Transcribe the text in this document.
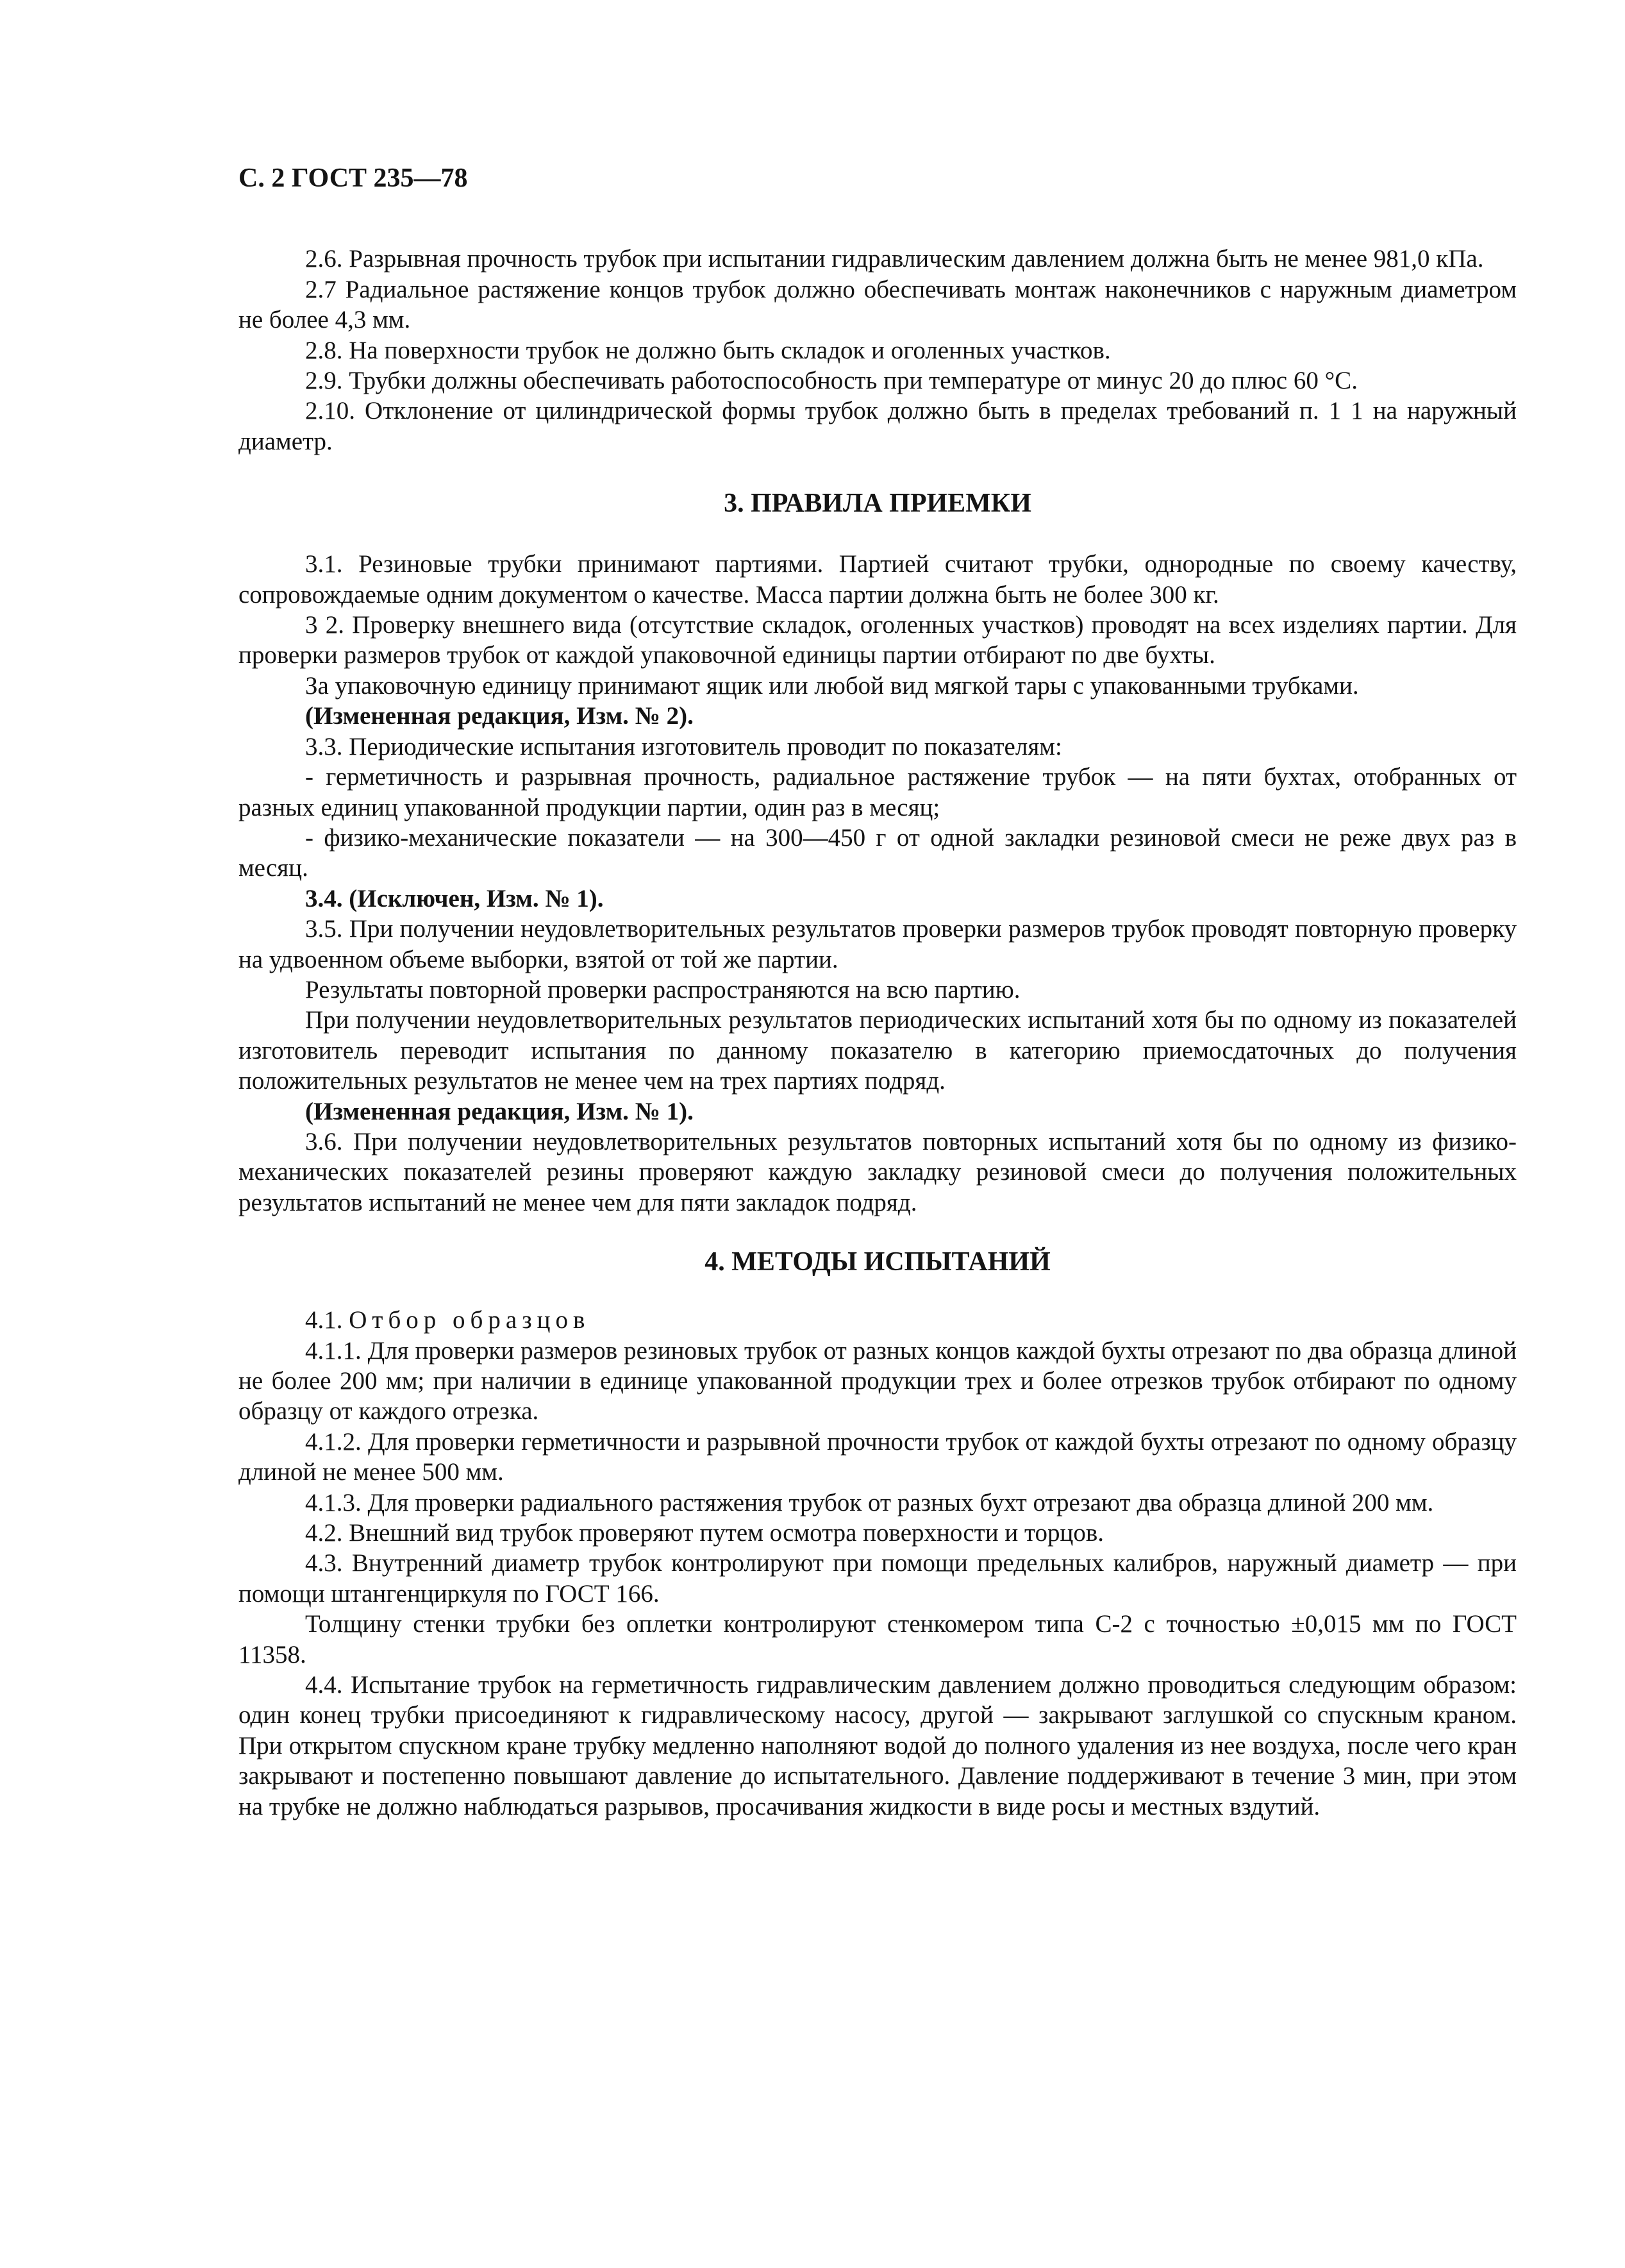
С. 2 ГОСТ 235—78

2.6. Разрывная прочность трубок при испытании гидравлическим давлением должна быть не менее 981,0 кПа.

2.7 Радиальное растяжение концов трубок должно обеспечивать монтаж наконечников с наружным диаметром не более 4,3 мм.

2.8. На поверхности трубок не должно быть складок и оголенных участков.

2.9. Трубки должны обеспечивать работоспособность при температуре от минус 20 до плюс 60 °С.

2.10. Отклонение от цилиндрической формы трубок должно быть в пределах требований п. 1 1 на наружный диаметр.

3. ПРАВИЛА ПРИЕМКИ

3.1. Резиновые трубки принимают партиями. Партией считают трубки, однородные по своему качеству, сопровождаемые одним документом о качестве. Масса партии должна быть не более 300 кг.

3 2. Проверку внешнего вида (отсутствие складок, оголенных участков) проводят на всех изделиях партии. Для проверки размеров трубок от каждой упаковочной единицы партии отбирают по две бухты.

За упаковочную единицу принимают ящик или любой вид мягкой тары с упакованными трубками.

(Измененная редакция, Изм. № 2).

3.3. Периодические испытания изготовитель проводит по показателям:

- герметичность и разрывная прочность, радиальное растяжение трубок — на пяти бухтах, отобранных от разных единиц упакованной продукции партии, один раз в месяц;

- физико-механические показатели — на 300—450 г от одной закладки резиновой смеси не реже двух раз в месяц.

3.4. (Исключен, Изм. № 1).

3.5. При получении неудовлетворительных результатов проверки размеров трубок проводят повторную проверку на удвоенном объеме выборки, взятой от той же партии.

Результаты повторной проверки распространяются на всю партию.

При получении неудовлетворительных результатов периодических испытаний хотя бы по одному из показателей изготовитель переводит испытания по данному показателю в категорию приемосдаточных до получения положительных результатов не менее чем на трех партиях подряд.

(Измененная редакция, Изм. № 1).

3.6. При получении неудовлетворительных результатов повторных испытаний хотя бы по одному из физико-механических показателей резины проверяют каждую закладку резиновой смеси до получения положительных результатов испытаний не менее чем для пяти закладок подряд.

4. МЕТОДЫ ИСПЫТАНИЙ

4.1. Отбор образцов

4.1.1. Для проверки размеров резиновых трубок от разных концов каждой бухты отрезают по два образца длиной не более 200 мм; при наличии в единице упакованной продукции трех и более отрезков трубок отбирают по одному образцу от каждого отрезка.

4.1.2. Для проверки герметичности и разрывной прочности трубок от каждой бухты отрезают по одному образцу длиной не менее 500 мм.

4.1.3. Для проверки радиального растяжения трубок от разных бухт отрезают два образца длиной 200 мм.

4.2. Внешний вид трубок проверяют путем осмотра поверхности и торцов.

4.3. Внутренний диаметр трубок контролируют при помощи предельных калибров, наружный диаметр — при помощи штангенциркуля по ГОСТ 166.

Толщину стенки трубки без оплетки контролируют стенкомером типа С-2 с точностью ±0,015 мм по ГОСТ 11358.

4.4. Испытание трубок на герметичность гидравлическим давлением должно проводиться следующим образом: один конец трубки присоединяют к гидравлическому насосу, другой — закрывают заглушкой со спускным краном. При открытом спускном кране трубку медленно наполняют водой до полного удаления из нее воздуха, после чего кран закрывают и постепенно повышают давление до испытательного. Давление поддерживают в течение 3 мин, при этом на трубке не должно наблюдаться разрывов, просачивания жидкости в виде росы и местных вздутий.
